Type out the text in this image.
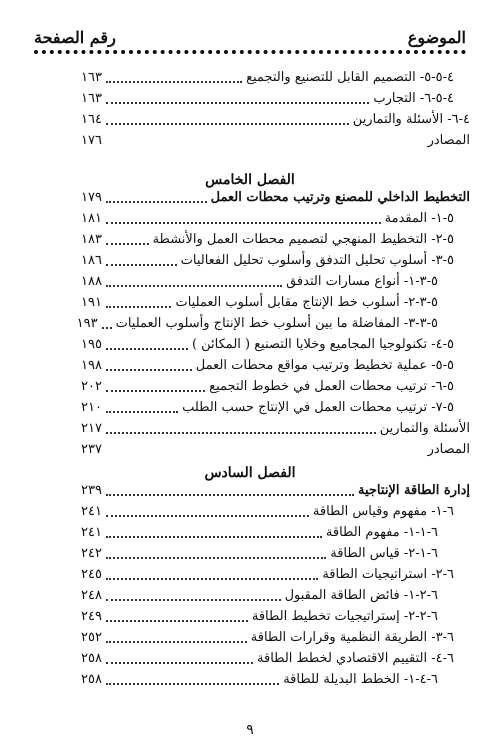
الموضوع
رقم الصفحة
٤-٥-٥- التصميم القابل للتصنيع والتجميع
١٦٣
٤-٥-٦- التجارب
١٦٣
٤-٦- الأسئلة والتمارين
١٦٤
المصادر
١٧٦
الفصل الخامس
التخطيط الداخلي للمصنع وترتيب محطات العمل
١٧٩
٥-١- المقدمة
١٨١
٥-٢- التخطيط المنهجي لتصميم محطات العمل والأنشطة
١٨٣
٥-٣- أسلوب تحليل التدفق وأسلوب تحليل الفعاليات
١٨٦
٥-٣-١- أنواع مسارات التدفق
١٨٨
٥-٣-٢- أسلوب خط الإنتاج مقابل أسلوب العمليات
١٩١
٥-٣-٣- المفاضلة ما بين أسلوب خط الإنتاج وأسلوب العمليات
١٩٣
٥-٤- تكنولوجيا المجاميع وخلايا التصنيع ( المكائن )
١٩٥
٥-٥- عملية تخطيط وترتيب مواقع محطات العمل
١٩٨
٥-٦- ترتيب محطات العمل في خطوط التجميع
٢٠٢
٥-٧- ترتيب محطات العمل في الإنتاج حسب الطلب
٢١٠
الأسئلة والتمارين
٢١٧
المصادر
٢٣٧
الفصل السادس
إدارة الطاقة الإنتاجية
٢٣٩
٦-١- مفهوم وقياس الطاقة
٢٤١
٦-١-١- مفهوم الطاقة
٢٤١
٦-١-٢- قياس الطاقة
٢٤٢
٦-٢- استراتيجيات الطاقة
٢٤٥
٦-٢-١- فائض الطاقة المقبول
٢٤٨
٦-٢-٢- إستراتيجيات تخطيط الطاقة
٢٤٩
٦-٣- الطريقة النظمية وقرارات الطاقة
٢٥٢
٦-٤- التقييم الاقتصادي لخطط الطاقة
٢٥٨
٦-٤-١- الخطط البديلة للطاقة
٢٥٨
٩
